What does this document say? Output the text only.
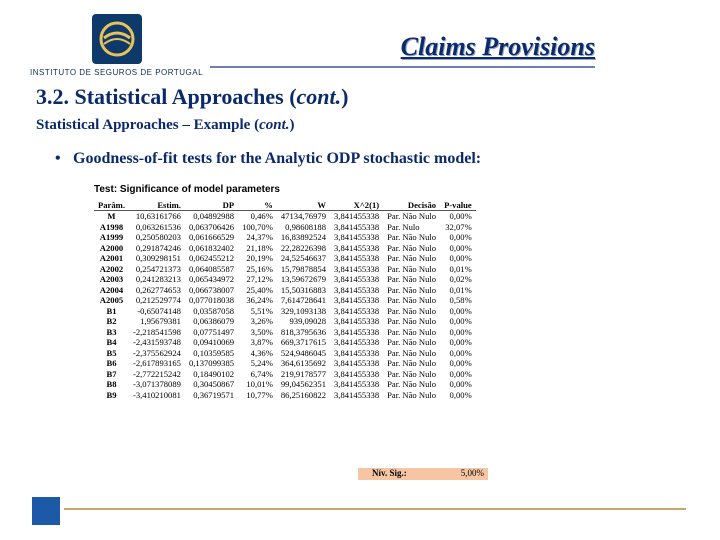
INSTITUTO DE SEGUROS DE PORTUGAL
Claims Provisions
3.2. Statistical Approaches (cont.)
Statistical Approaches – Example (cont.)
• Goodness-of-fit tests for the Analytic ODP stochastic model:
Test: Significance of model parameters
Parâm.	Estim.	DP	%	W	X^2(1)	Decisão	P-value
M	10,63161766	0,04892988	0,46%	47134,76979	3,841455338	Par. Não Nulo	0,00%
A1998	0,063261536	0,063706426	100,70%	0,98608188	3,841455338	Par. Nulo	32,07%
A1999	0,250580203	0,061666529	24,37%	16,83892524	3,841455338	Par. Não Nulo	0,00%
A2000	0,291874246	0,061832402	21,18%	22,28226398	3,841455338	Par. Não Nulo	0,00%
A2001	0,309298151	0,062455212	20,19%	24,52546637	3,841455338	Par. Não Nulo	0,00%
A2002	0,254721373	0,064085587	25,16%	15,79878854	3,841455338	Par. Não Nulo	0,01%
A2003	0,241283213	0,065434972	27,12%	13,59672679	3,841455338	Par. Não Nulo	0,02%
A2004	0,262774653	0,066738007	25,40%	15,50316883	3,841455338	Par. Não Nulo	0,01%
A2005	0,212529774	0,077018038	36,24%	7,614728641	3,841455338	Par. Não Nulo	0,58%
B1	-0,65074148	0,03587058	5,51%	329,1093138	3,841455338	Par. Não Nulo	0,00%
B2	1,95679381	0,06386079	3,26%	939,09028	3,841455338	Par. Não Nulo	0,00%
B3	-2,218541598	0,07751497	3,50%	818,3795636	3,841455338	Par. Não Nulo	0,00%
B4	-2,431593748	0,09410069	3,87%	669,3717615	3,841455338	Par. Não Nulo	0,00%
B5	-2,375562924	0,10359585	4,36%	524,9486045	3,841455338	Par. Não Nulo	0,00%
B6	-2,617893165	0,137099385	5,24%	364,6135692	3,841455338	Par. Não Nulo	0,00%
B7	-2,772215242	0,18490102	6,74%	219,9178577	3,841455338	Par. Não Nulo	0,00%
B8	-3,071378089	0,30450867	10,01%	99,04562351	3,841455338	Par. Não Nulo	0,00%
B9	-3,410210081	0,36719571	10,77%	86,25160822	3,841455338	Par. Não Nulo	0,00%
Nív. Sig.:	5,00%
